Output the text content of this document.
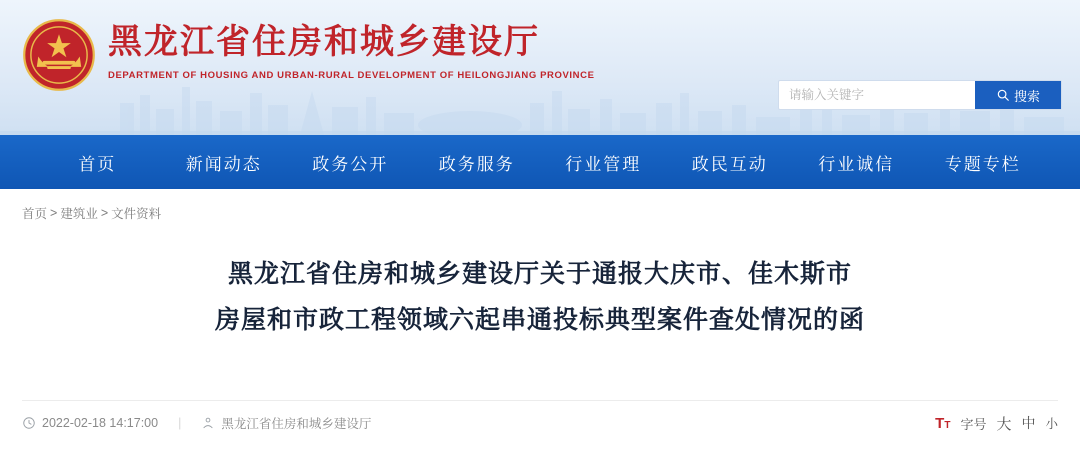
黑龙江省住房和城乡建设厅
DEPARTMENT OF HOUSING AND URBAN-RURAL DEVELOPMENT OF HEILONGJIANG PROVINCE
请输入关键字
搜索
首页	新闻动态	政务公开	政务服务	行业管理	政民互动	行业诚信	专题专栏
首页 > 建筑业 > 文件资料
黑龙江省住房和城乡建设厅关于通报大庆市、佳木斯市
房屋和市政工程领域六起串通投标典型案件查处情况的函
2022-02-18 14:17:00 |	黑龙江省住房和城乡建设厅	T T 字号 大 中 小
